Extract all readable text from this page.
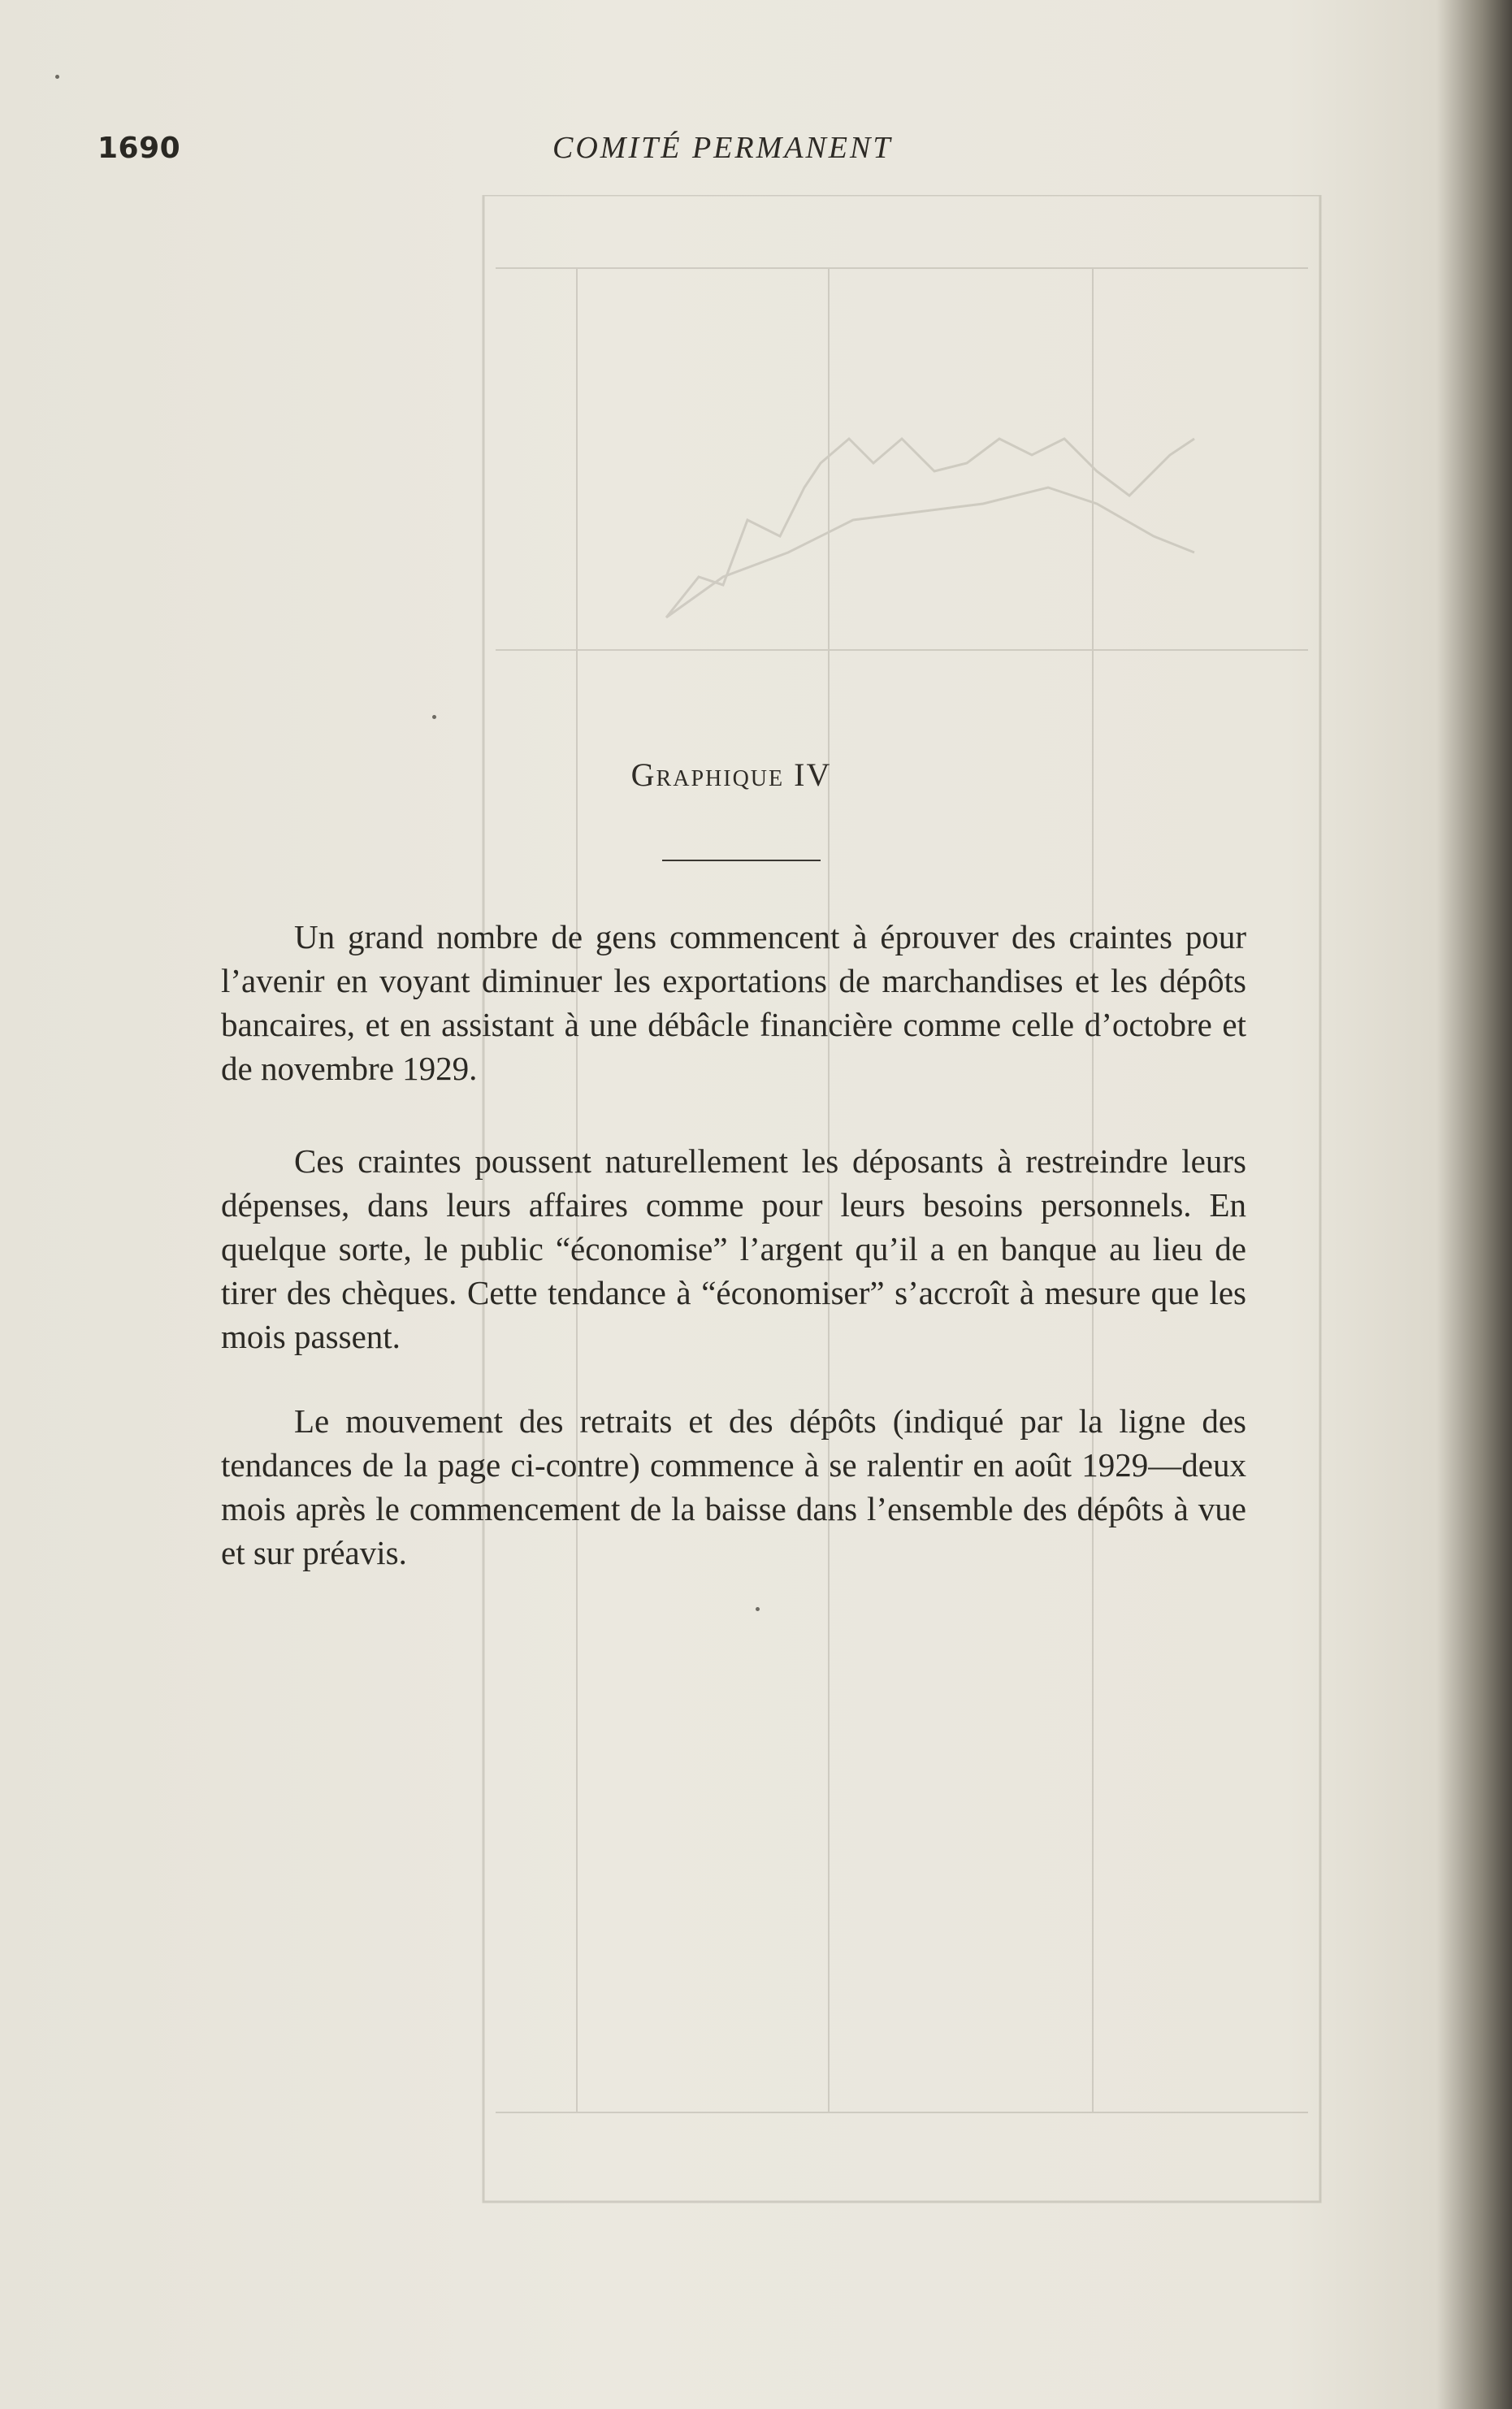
1690	COMITÉ PERMANENT
Graphique IV

Un grand nombre de gens commencent à éprouver des craintes pour l’avenir en voyant diminuer les exportations de marchandises et les dépôts bancaires, et en assistant à une débâcle financière comme celle d’octobre et de novembre 1929.

Ces craintes poussent naturellement les déposants à restreindre leurs dépenses, dans leurs affaires comme pour leurs besoins personnels. En quelque sorte, le public “économise” l’argent qu’il a en banque au lieu de tirer des chèques. Cette tendance à “économiser” s’accroît à mesure que les mois passent.

Le mouvement des retraits et des dépôts (indiqué par la ligne des tendances de la page ci-contre) commence à se ralentir en août 1929—deux mois après le commencement de la baisse dans l’ensemble des dépôts à vue et sur préavis.
